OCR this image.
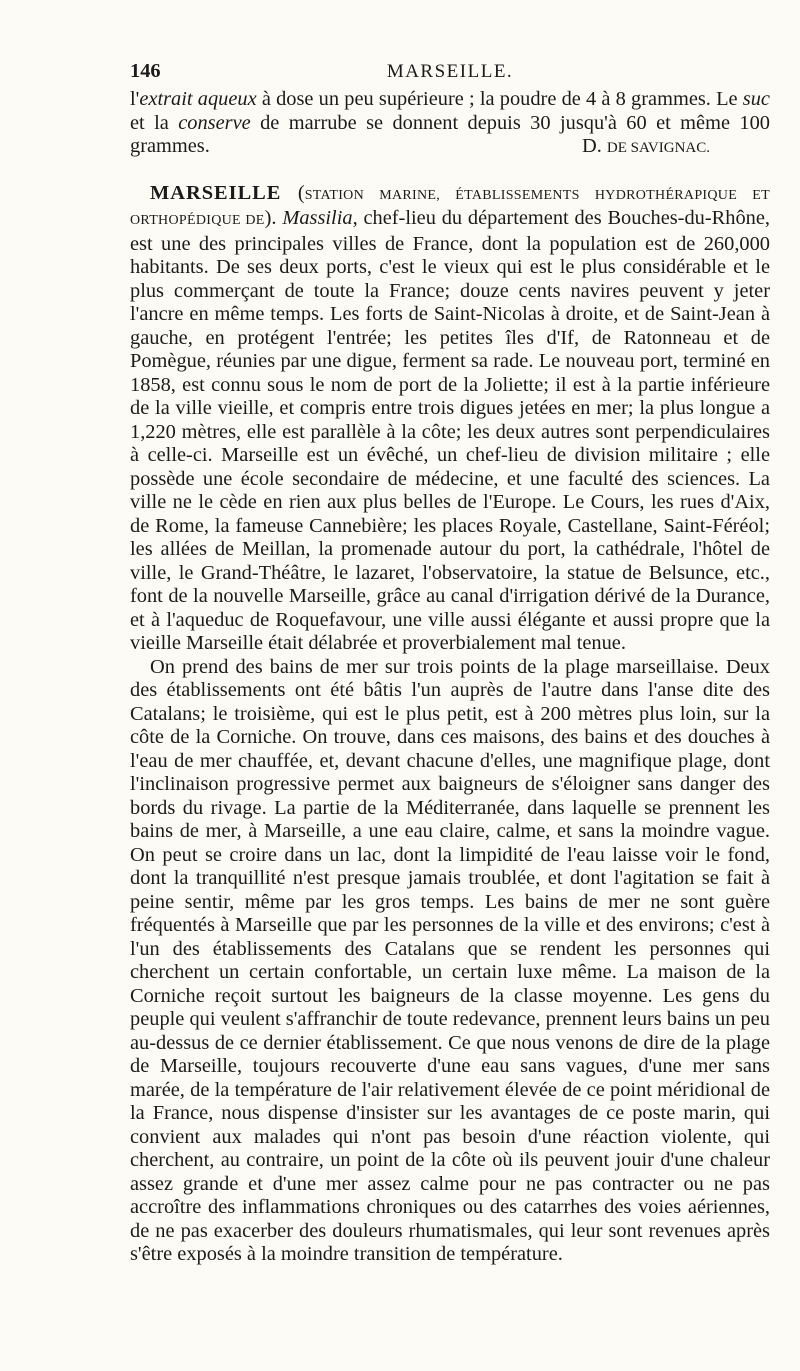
146	MARSEILLE.
l'extrait aqueux à dose un peu supérieure ; la poudre de 4 à 8 grammes. Le suc et la conserve de marrube se donnent depuis 30 jusqu'à 60 et même 100 grammes.	D. DE SAVIGNAC.
MARSEILLE (STATION MARINE, ÉTABLISSEMENTS HYDROTHÉRAPIQUE ET ORTHOPÉDIQUE DE). Massilia, chef-lieu du département des Bouches-du-Rhône, est une des principales villes de France, dont la population est de 260,000 habitants. De ses deux ports, c'est le vieux qui est le plus considérable et le plus commerçant de toute la France; douze cents navires peuvent y jeter l'ancre en même temps. Les forts de Saint-Nicolas à droite, et de Saint-Jean à gauche, en protégent l'entrée; les petites îles d'If, de Ratonneau et de Pomègue, réunies par une digue, ferment sa rade. Le nouveau port, terminé en 1858, est connu sous le nom de port de la Joliette; il est à la partie inférieure de la ville vieille, et compris entre trois digues jetées en mer; la plus longue a 1,220 mètres, elle est parallèle à la côte; les deux autres sont perpendiculaires à celle-ci. Marseille est un évêché, un chef-lieu de division militaire ; elle possède une école secondaire de médecine, et une faculté des sciences. La ville ne le cède en rien aux plus belles de l'Europe. Le Cours, les rues d'Aix, de Rome, la fameuse Cannebière; les places Royale, Castellane, Saint-Féréol; les allées de Meillan, la promenade autour du port, la cathédrale, l'hôtel de ville, le Grand-Théâtre, le lazaret, l'observatoire, la statue de Belsunce, etc., font de la nouvelle Marseille, grâce au canal d'irrigation dérivé de la Durance, et à l'aqueduc de Roquefavour, une ville aussi élégante et aussi propre que la vieille Marseille était délabrée et proverbialement mal tenue.
On prend des bains de mer sur trois points de la plage marseillaise. Deux des établissements ont été bâtis l'un auprès de l'autre dans l'anse dite des Catalans; le troisième, qui est le plus petit, est à 200 mètres plus loin, sur la côte de la Corniche. On trouve, dans ces maisons, des bains et des douches à l'eau de mer chauffée, et, devant chacune d'elles, une magnifique plage, dont l'inclinaison progressive permet aux baigneurs de s'éloigner sans danger des bords du rivage. La partie de la Méditerranée, dans laquelle se prennent les bains de mer, à Marseille, a une eau claire, calme, et sans la moindre vague. On peut se croire dans un lac, dont la limpidité de l'eau laisse voir le fond, dont la tranquillité n'est presque jamais troublée, et dont l'agitation se fait à peine sentir, même par les gros temps. Les bains de mer ne sont guère fréquentés à Marseille que par les personnes de la ville et des environs; c'est à l'un des établissements des Catalans que se rendent les personnes qui cherchent un certain confortable, un certain luxe même. La maison de la Corniche reçoit surtout les baigneurs de la classe moyenne. Les gens du peuple qui veulent s'affranchir de toute redevance, prennent leurs bains un peu au-dessus de ce dernier établissement. Ce que nous venons de dire de la plage de Marseille, toujours recouverte d'une eau sans vagues, d'une mer sans marée, de la température de l'air relativement élevée de ce point méridional de la France, nous dispense d'insister sur les avantages de ce poste marin, qui convient aux malades qui n'ont pas besoin d'une réaction violente, qui cherchent, au contraire, un point de la côte où ils peuvent jouir d'une chaleur assez grande et d'une mer assez calme pour ne pas contracter ou ne pas accroître des inflammations chroniques ou des catarrhes des voies aériennes, de ne pas exacerber des douleurs rhumatismales, qui leur sont revenues après s'être exposés à la moindre transition de température.
